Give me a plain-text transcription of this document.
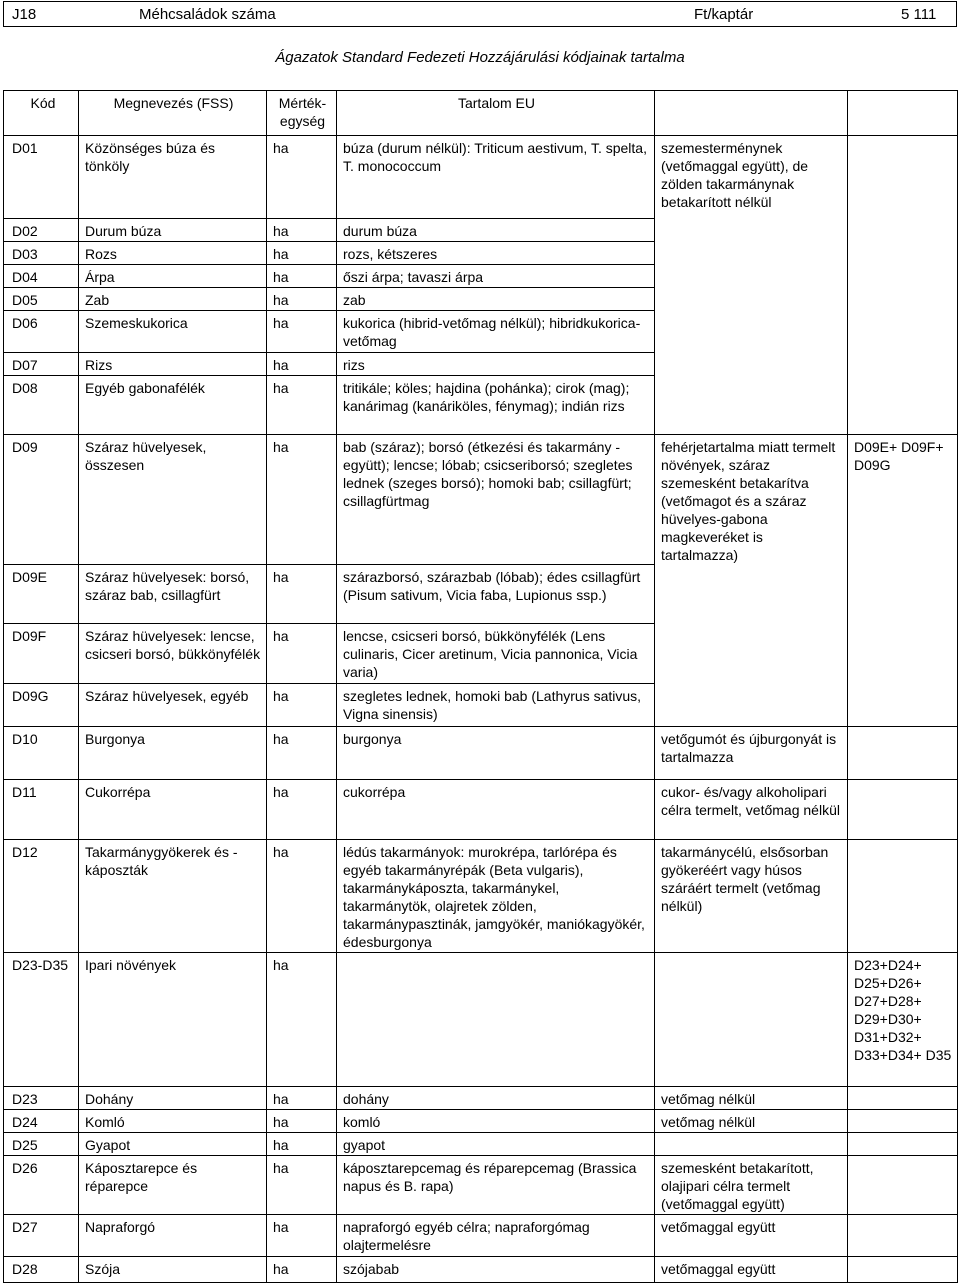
J18	Méhcsaládok száma	Ft/kaptár	5 111
Ágazatok Standard Fedezeti Hozzájárulási kódjainak tartalma
Kód	Megnevezés (FSS)	Mérték-egység	Tartalom EU		
D01	Közönséges búza és tönköly	ha	búza (durum nélkül): Triticum aestivum, T. spelta, T. monococcum	szemesterménynek (vetőmaggal együtt), de zölden takarmánynak betakarított nélkül	
D02	Durum búza	ha	durum búza		
D03	Rozs	ha	rozs, kétszeres		
D04	Árpa	ha	őszi árpa; tavaszi árpa		
D05	Zab	ha	zab		
D06	Szemeskukorica	ha	kukorica (hibrid-vetőmag nélkül); hibridkukorica-vetőmag		
D07	Rizs	ha	rizs		
D08	Egyéb gabonafélék	ha	tritikále; köles; hajdina (pohánka); cirok (mag); kanárimag (kanáriköles, fénymag); indián rizs		
D09	Száraz hüvelyesek, összesen	ha	bab (száraz); borsó (étkezési és takarmány - együtt); lencse; lóbab; csicseriborsó; szegletes lednek (szeges borsó); homoki bab; csillagfürt; csillagfürtmag	fehérjetartalma miatt termelt növények, száraz szemesként betakarítva (vetőmagot és a száraz hüvelyes-gabona magkeveréket is tartalmazza)	D09E+ D09F+ D09G
D09E	Száraz hüvelyesek: borsó, száraz bab, csillagfürt	ha	szárazborsó, szárazbab (lóbab); édes csillagfürt (Pisum sativum, Vicia faba, Lupionus ssp.)		
D09F	Száraz hüvelyesek: lencse, csicseri borsó, bükkönyfélék	ha	lencse, csicseri borsó, bükkönyfélék (Lens culinaris, Cicer aretinum, Vicia pannonica, Vicia varia)		
D09G	Száraz hüvelyesek, egyéb	ha	szegletes lednek, homoki bab (Lathyrus sativus, Vigna sinensis)		
D10	Burgonya	ha	burgonya	vetőgumót és újburgonyát is tartalmazza	
D11	Cukorrépa	ha	cukorrépa	cukor- és/vagy alkoholipari célra termelt, vetőmag nélkül	
D12	Takarmánygyökerek és -káposzták	ha	lédús takarmányok: murokrépa, tarlórépa és egyéb takarmányrépák (Beta vulgaris), takarmánykáposzta, takarmánykel, takarmánytök, olajretek zölden, takarmánypasztinák, jamgyökér, maniókagyökér, édesburgonya	takarmánycélú, elsősorban gyökeréért vagy húsos száráért termelt (vetőmag nélkül)	
D23-D35	Ipari növények	ha			D23+D24+ D25+D26+ D27+D28+ D29+D30+ D31+D32+ D33+D34+ D35
D23	Dohány	ha	dohány	vetőmag nélkül	
D24	Komló	ha	komló	vetőmag nélkül	
D25	Gyapot	ha	gyapot		
D26	Káposztarepce és réparepce	ha	káposztarepcemag és réparepcemag (Brassica napus és B. rapa)	szemesként betakarított, olajipari célra termelt (vetőmaggal együtt)	
D27	Napraforgó	ha	napraforgó egyéb célra; napraforgómag olajtermelésre	vetőmaggal együtt	
D28	Szója	ha	szójabab	vetőmaggal együtt	
